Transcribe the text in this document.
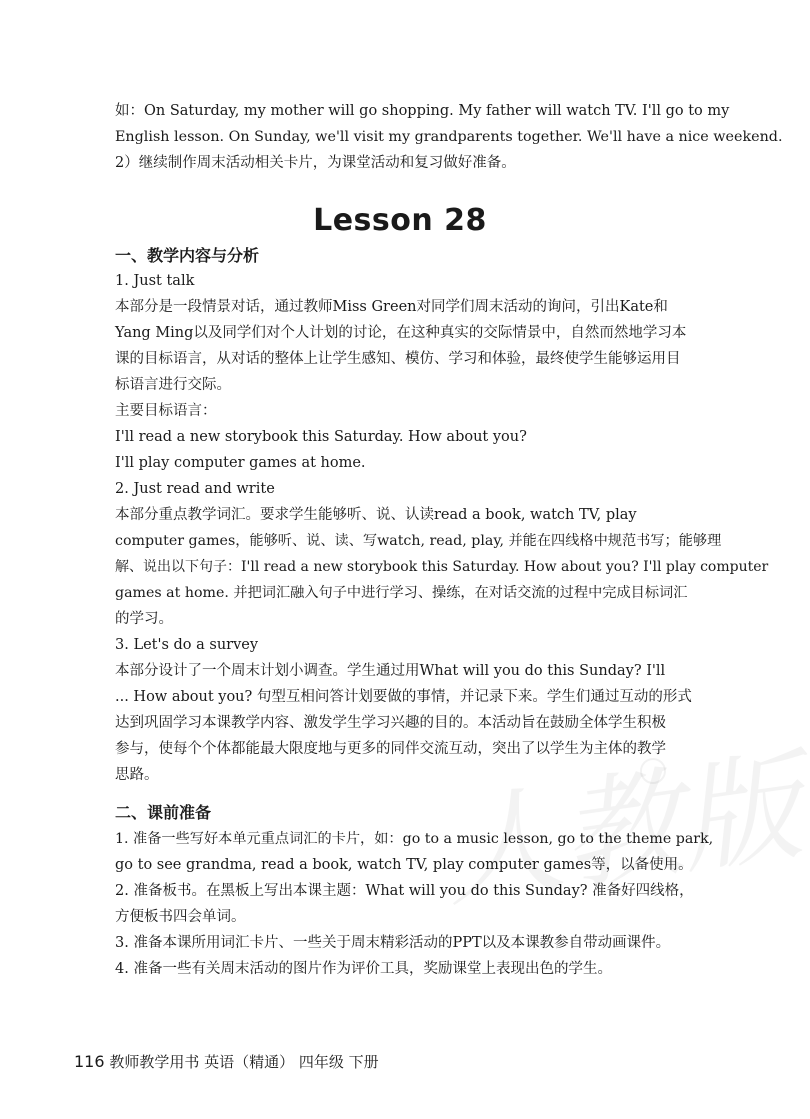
如：On Saturday, my mother will go shopping. My father will watch TV. I'll go to my
English lesson. On Sunday, we'll visit my grandparents together. We'll have a nice weekend.
2）继续制作周末活动相关卡片，为课堂活动和复习做好准备。
Lesson 28
一、教学内容与分析
1. Just talk
本部分是一段情景对话，通过教师Miss Green对同学们周末活动的询问，引出Kate和
Yang Ming以及同学们对个人计划的讨论，在这种真实的交际情景中，自然而然地学习本
课的目标语言，从对话的整体上让学生感知、模仿、学习和体验，最终使学生能够运用目
标语言进行交际。
主要目标语言：
I'll read a new storybook this Saturday. How about you?
I'll play computer games at home.
2. Just read and write
本部分重点教学词汇。要求学生能够听、说、认读read a book, watch TV, play
computer games，能够听、说、读、写watch, read, play, 并能在四线格中规范书写；能够理
解、说出以下句子：I'll read a new storybook this Saturday. How about you? I'll play computer
games at home. 并把词汇融入句子中进行学习、操练，在对话交流的过程中完成目标词汇
的学习。
3. Let's do a survey
本部分设计了一个周末计划小调查。学生通过用What will you do this Sunday? I'll
... How about you? 句型互相问答计划要做的事情，并记录下来。学生们通过互动的形式
达到巩固学习本课教学内容、激发学生学习兴趣的目的。本活动旨在鼓励全体学生积极
参与，使每个个体都能最大限度地与更多的同伴交流互动，突出了以学生为主体的教学
思路。
二、课前准备
1. 准备一些写好本单元重点词汇的卡片，如：go to a music lesson, go to the theme park,
go to see grandma, read a book, watch TV, play computer games等，以备使用。
2. 准备板书。在黑板上写出本课主题：What will you do this Sunday? 准备好四线格，
方便板书四会单词。
3. 准备本课所用词汇卡片、一些关于周末精彩活动的PPT以及本课教参自带动画课件。
4. 准备一些有关周末活动的图片作为评价工具，奖励课堂上表现出色的学生。
116 教师教学用书 英语（精通） 四年级 下册
